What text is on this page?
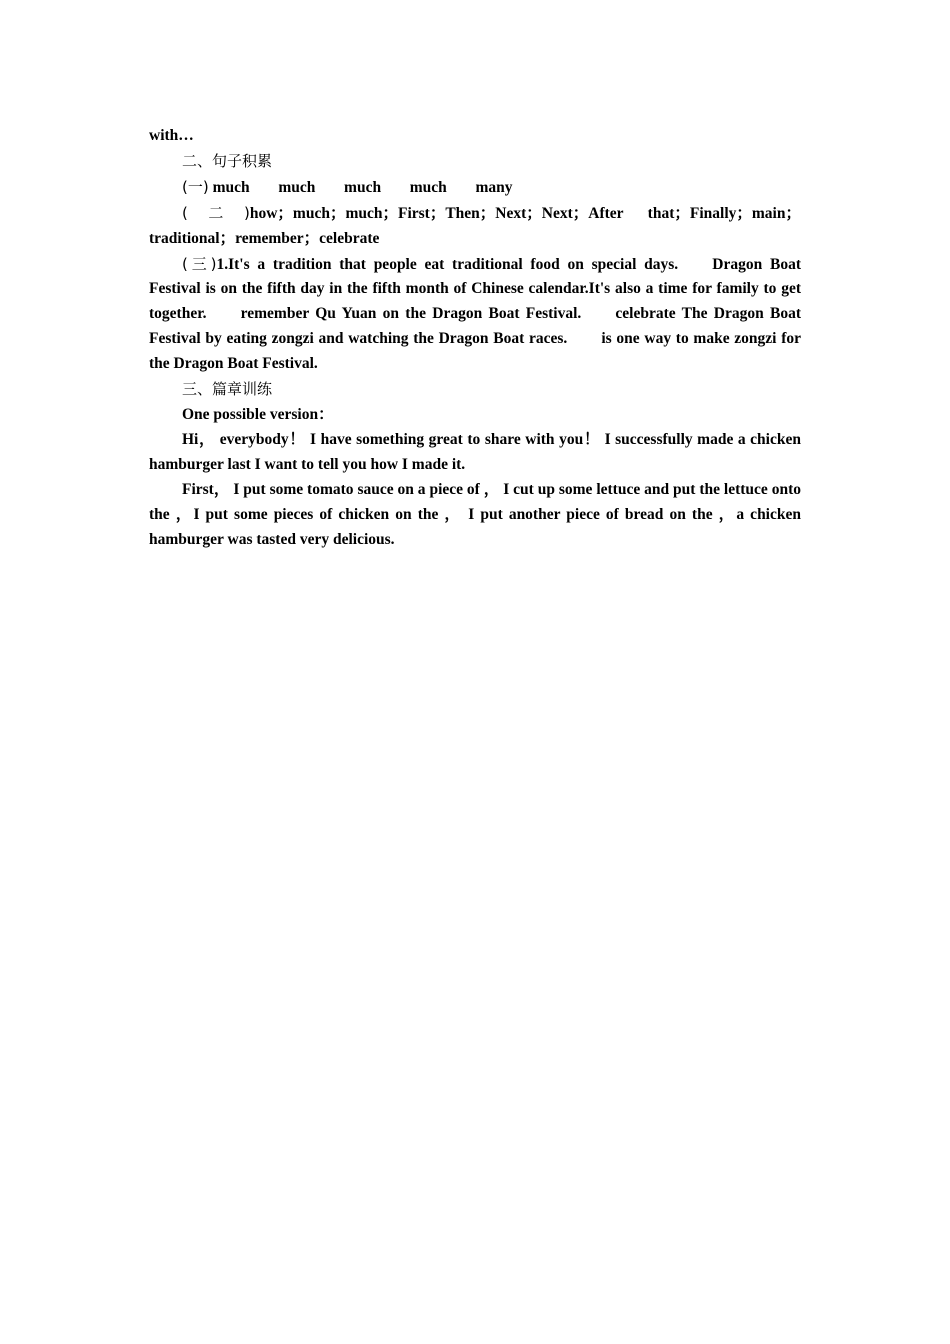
with…

二、句子积累

(一) much much much much many

(二)how；much；much；First；Then；Next；Next；After that；Finally；main； traditional；remember；celebrate

(三)1.It's a tradition that people eat traditional food on special days. Dragon Boat Festival is on the fifth day in the fifth month of Chinese calendar.It's also a time for family to get together. remember Qu Yuan on the Dragon Boat Festival. celebrate The Dragon Boat Festival by eating zongzi and watching the Dragon Boat races. is one way to make zongzi for the Dragon Boat Festival.

三、篇章训练

One possible version：

Hi， everybody！ I have something great to share with you！ I successfully made a chicken hamburger last I want to tell you how I made it.

First， I put some tomato sauce on a piece of ， I cut up some lettuce and put the lettuce onto the ，I put some pieces of chicken on the ， I put another piece of bread on the ，a chicken hamburger was tasted very delicious.
